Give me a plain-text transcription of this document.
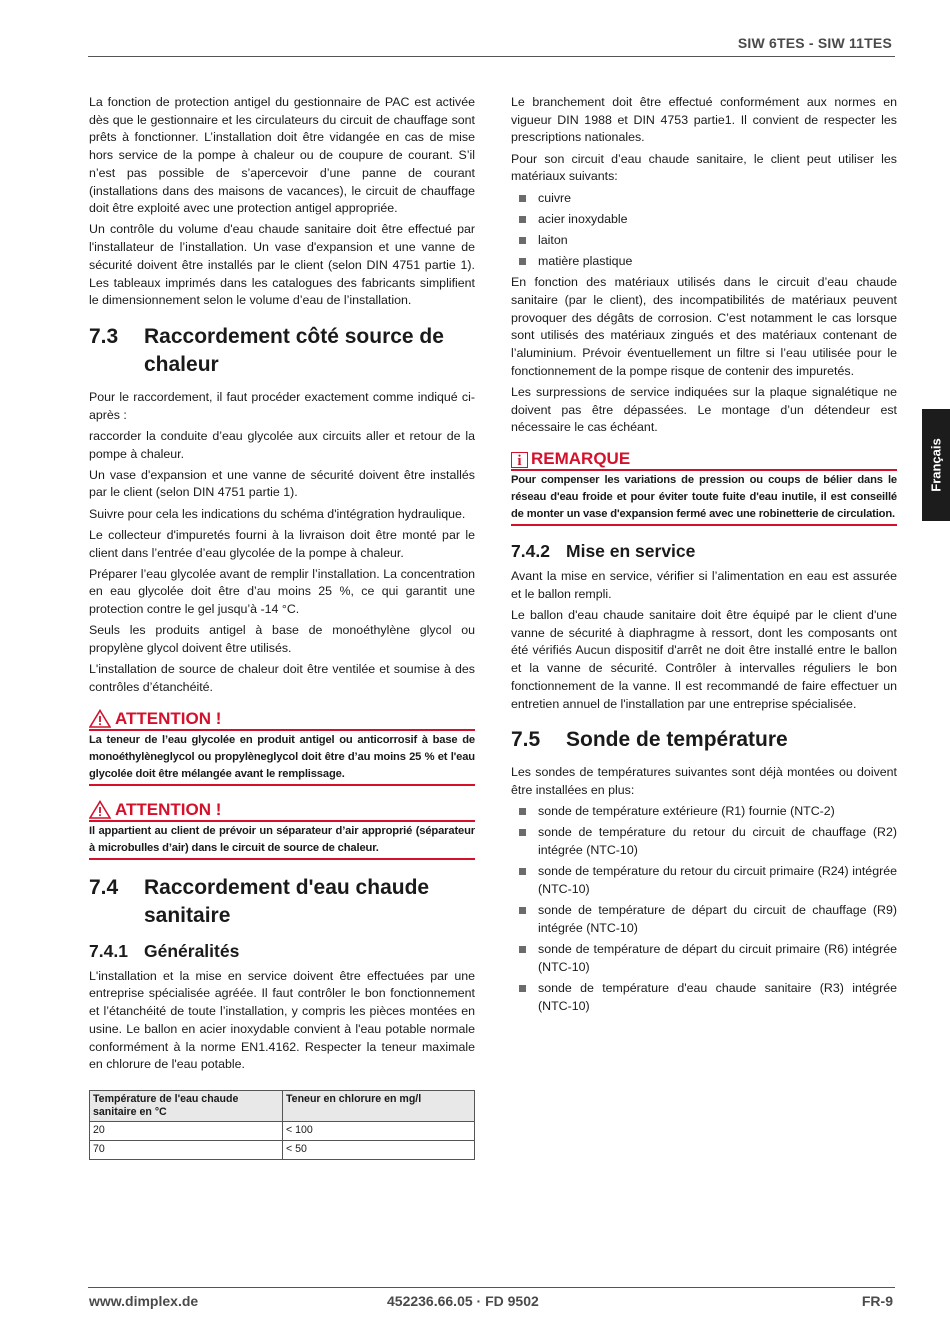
SIW 6TES - SIW 11TES

La fonction de protection antigel du gestionnaire de PAC est activée dès que le gestionnaire et les circulateurs du circuit de chauffage sont prêts à fonctionner. L’installation doit être vidangée en cas de mise hors service de la pompe à chaleur ou de coupure de courant. S’il n’est pas possible de s’apercevoir d’une panne de courant (installations dans des maisons de vacances), le circuit de chauffage doit être exploité avec une protection antigel appropriée.

Un contrôle du volume d'eau chaude sanitaire doit être effectué par l'installateur de l’installation. Un vase d'expansion et une vanne de sécurité doivent être installés par le client (selon DIN 4751 partie 1). Les tableaux imprimés dans les catalogues des fabricants simplifient le dimensionnement selon le volume d’eau de l’installation.

7.3	Raccordement côté source de chaleur

Pour le raccordement, il faut procéder exactement comme indiqué ci-après :

raccorder la conduite d’eau glycolée aux circuits aller et retour de la pompe à chaleur.

Un vase d'expansion et une vanne de sécurité doivent être installés par le client (selon DIN 4751 partie 1).

Suivre pour cela les indications du schéma d'intégration hydraulique.

Le collecteur d'impuretés fourni à la livraison doit être monté par le client dans l’entrée d’eau glycolée de la pompe à chaleur.

Préparer l’eau glycolée avant de remplir l’installation. La concentration en eau glycolée doit être d’au moins 25 %, ce qui garantit une protection contre le gel jusqu’à -14 °C.

Seuls les produits antigel à base de monoéthylène glycol ou propylène glycol doivent être utilisés.

L'installation de source de chaleur doit être ventilée et soumise à des contrôles d’étanchéité.

ATTENTION !
La teneur de l’eau glycolée en produit antigel ou anticorrosif à base de monoéthylèneglycol ou propylèneglycol doit être d’au moins 25 % et l'eau glycolée doit être mélangée avant le remplissage.
ATTENTION !
Il appartient au client de prévoir un séparateur d’air approprié (séparateur à microbulles d’air) dans le circuit de source de chaleur.
7.4	Raccordement d'eau chaude sanitaire
7.4.1 Généralités

L'installation et la mise en service doivent être effectuées par une entreprise spécialisée agréée. Il faut contrôler le bon fonctionnement et l’étanchéité de toute l’installation, y compris les pièces montées en usine. Le ballon en acier inoxydable convient à l'eau potable normale conformément à la norme EN1.4162. Respecter la teneur maximale en chlorure de l'eau potable.

Température de l'eau chaude sanitaire en °C	Teneur en chlorure en mg/l
20	< 100
70	< 50

Le branchement doit être effectué conformément aux normes en vigueur DIN 1988 et DIN 4753 partie1. Il convient de respecter les prescriptions nationales.

Pour son circuit d’eau chaude sanitaire, le client peut utiliser les matériaux suivants:

cuivre
acier inoxydable
laiton
matière plastique

En fonction des matériaux utilisés dans le circuit d’eau chaude sanitaire (par le client), des incompatibilités de matériaux peuvent provoquer des dégâts de corrosion. C’est notamment le cas lorsque sont utilisés des matériaux zingués et des matériaux contenant de l’aluminium. Prévoir éventuellement un filtre si l’eau utilisée pour le fonctionnement de la pompe risque de contenir des impuretés.

Les surpressions de service indiquées sur la plaque signalétique ne doivent pas être dépassées. Le montage d’un détendeur est nécessaire le cas échéant.

i REMARQUE
Pour compenser les variations de pression ou coups de bélier dans le réseau d'eau froide et pour éviter toute fuite d'eau inutile, il est conseillé de monter un vase d'expansion fermé avec une robinetterie de circulation.
7.4.2 Mise en service

Avant la mise en service, vérifier si l’alimentation en eau est assurée et le ballon rempli.

Le ballon d'eau chaude sanitaire doit être équipé par le client d'une vanne de sécurité à diaphragme à ressort, dont les composants ont été vérifiés Aucun dispositif d'arrêt ne doit être installé entre le ballon et la vanne de sécurité. Contrôler à intervalles réguliers le bon fonctionnement de la vanne. Il est recommandé de faire effectuer un entretien annuel de l'installation par une entreprise spécialisée.

7.5	Sonde de température

Les sondes de températures suivantes sont déjà montées ou doivent être installées en plus:

sonde de température extérieure (R1) fournie (NTC-2)
sonde de température du retour du circuit de chauffage (R2) intégrée (NTC-10)
sonde de température du retour du circuit primaire (R24) intégrée (NTC-10)
sonde de température de départ du circuit de chauffage (R9) intégrée (NTC-10)
sonde de température de départ du circuit primaire (R6) intégrée (NTC-10)
sonde de température d'eau chaude sanitaire (R3) intégrée (NTC-10)
Français
www.dimplex.de	452236.66.05 · FD 9502	FR-9
